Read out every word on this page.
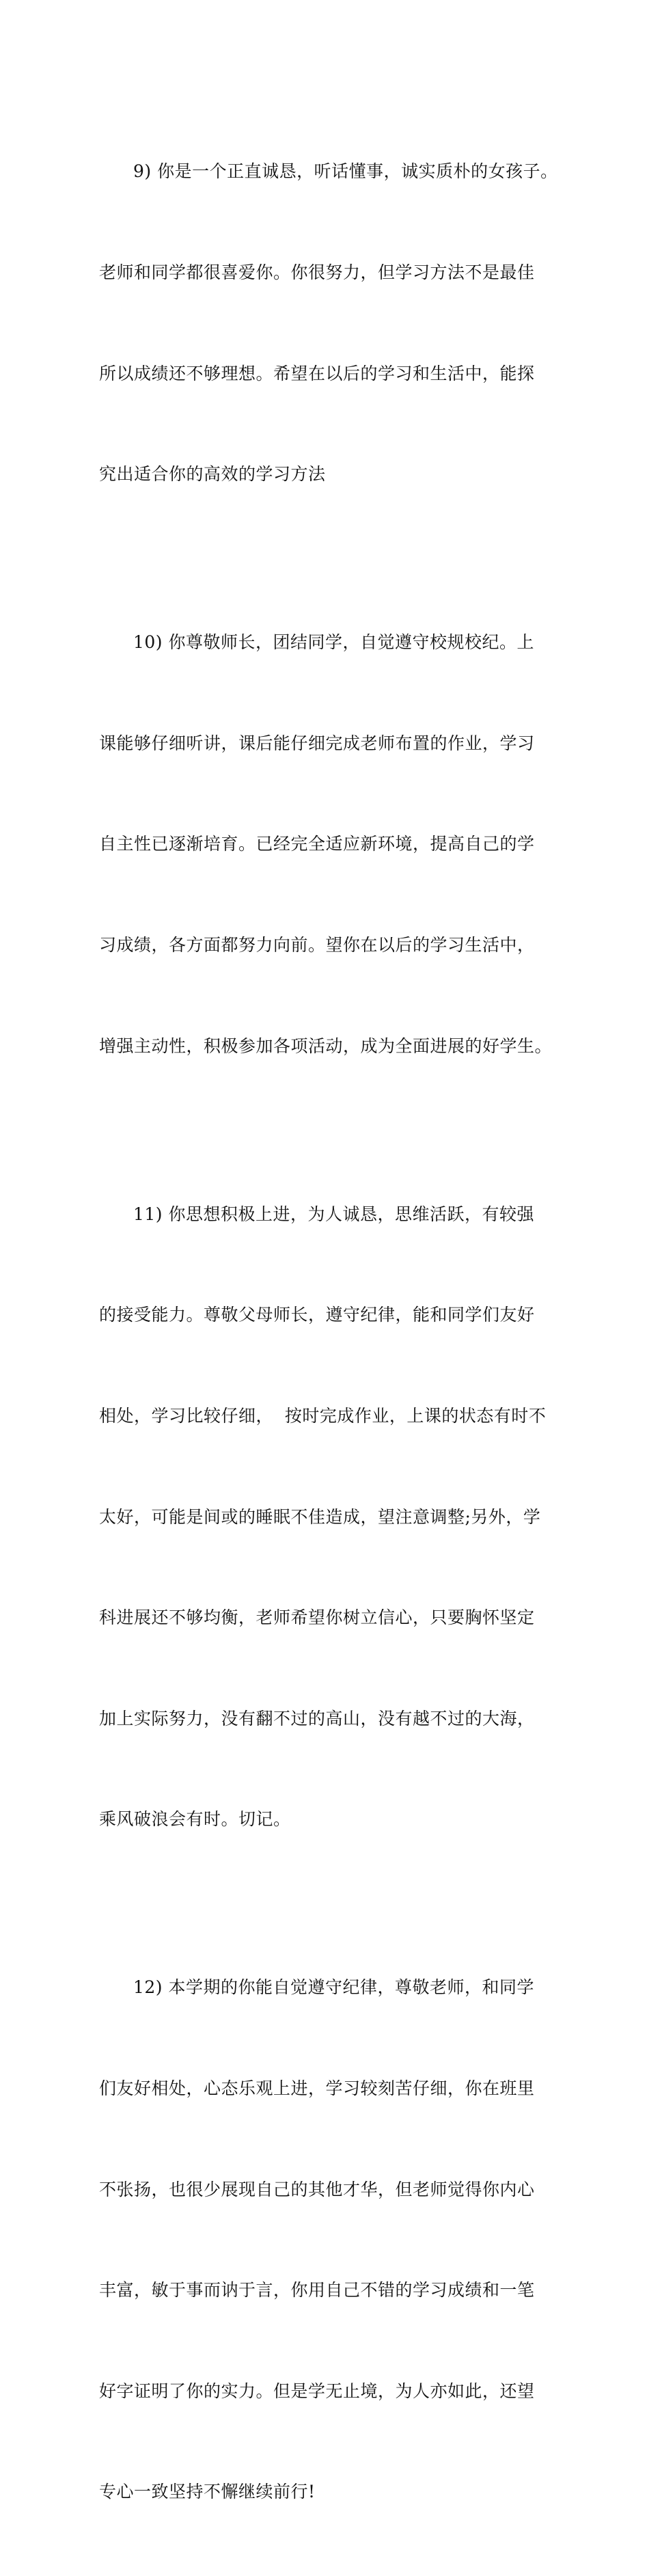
9) 你是一个正直诚恳，听话懂事，诚实质朴的女孩子。

老师和同学都很喜爱你。你很努力，但学习方法不是最佳

所以成绩还不够理想。希望在以后的学习和生活中，能探

究出适合你的高效的学习方法

10) 你尊敬师长，团结同学，自觉遵守校规校纪。上

课能够仔细听讲，课后能仔细完成老师布置的作业，学习

自主性已逐渐培育。已经完全适应新环境，提高自己的学

习成绩，各方面都努力向前。望你在以后的学习生活中，

增强主动性，积极参加各项活动，成为全面进展的好学生。

11) 你思想积极上进，为人诚恳，思维活跃，有较强

的接受能力。尊敬父母师长，遵守纪律，能和同学们友好

相处，学习比较仔细，  按时完成作业，上课的状态有时不

太好，可能是间或的睡眠不佳造成，望注意调整;另外，学

科进展还不够均衡，老师希望你树立信心，只要胸怀坚定

加上实际努力，没有翻不过的高山，没有越不过的大海，

乘风破浪会有时。切记。

12) 本学期的你能自觉遵守纪律，尊敬老师，和同学

们友好相处，心态乐观上进，学习较刻苦仔细，你在班里

不张扬，也很少展现自己的其他才华，但老师觉得你内心

丰富，敏于事而讷于言，你用自己不错的学习成绩和一笔

好字证明了你的实力。但是学无止境，为人亦如此，还望

专心一致坚持不懈继续前行!
